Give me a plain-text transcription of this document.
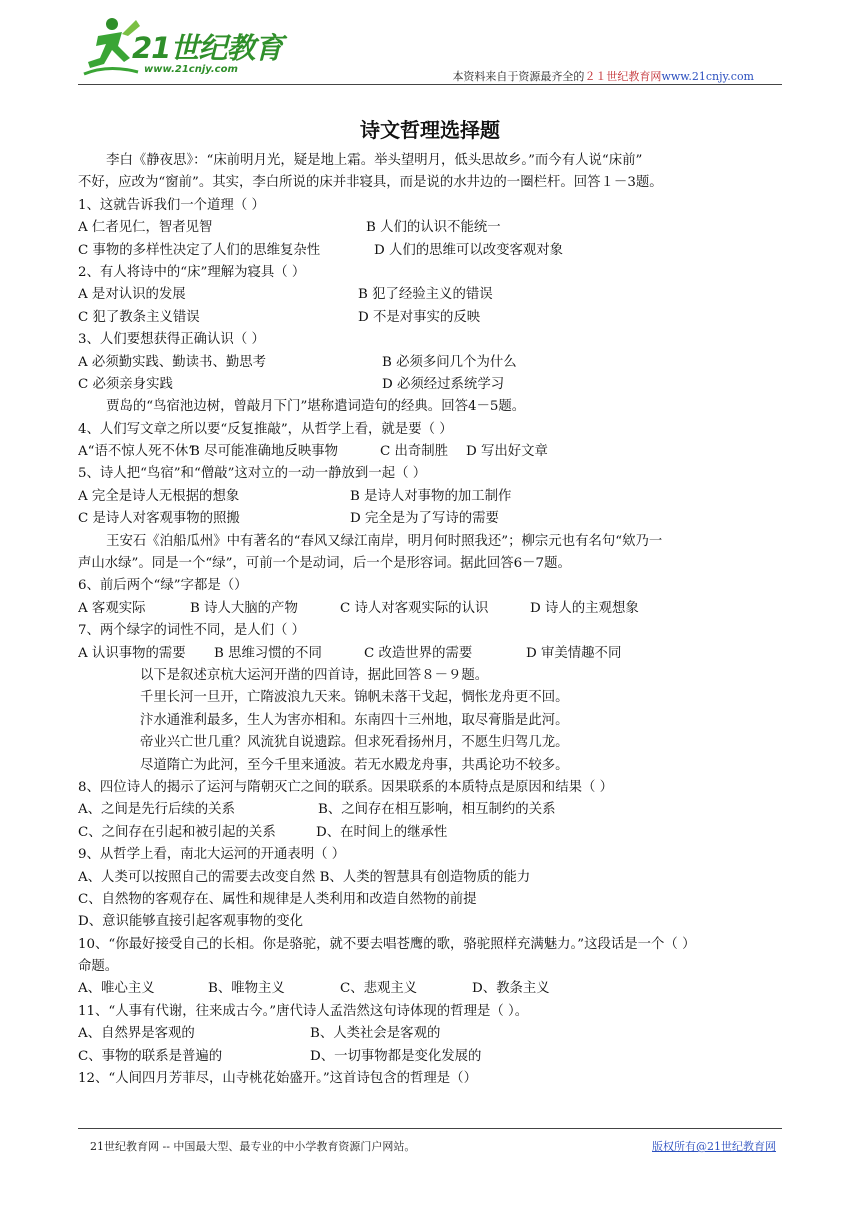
21世纪教育
www.21cnjy.com
本资料来自于资源最齐全的２１世纪教育网www.21cnjy.com
诗文哲理选择题
李白《静夜思》：“床前明月光，疑是地上霜。举头望明月，低头思故乡。”而今有人说“床前”
不好，应改为“窗前”。其实，李白所说的床并非寝具，而是说的水井边的一圈栏杆。回答１－3题。
1、这就告诉我们一个道理（ ）
A 仁者见仁，智者见智	B 人们的认识不能统一
C 事物的多样性决定了人们的思维复杂性	D 人们的思维可以改变客观对象
2、有人将诗中的“床”理解为寝具（ ）
A 是对认识的发展	B 犯了经验主义的错误
C 犯了教条主义错误	D 不是对事实的反映
3、人们要想获得正确认识（ ）
A 必须勤实践、勤读书、勤思考	B 必须多问几个为什么
C 必须亲身实践	D 必须经过系统学习
贾岛的“鸟宿池边树，曾敲月下门”堪称遣词造句的经典。回答4－5题。
4、人们写文章之所以要“反复推敲”，从哲学上看，就是要（ ）
A“语不惊人死不休”B 尽可能准确地反映事物	C 出奇制胜 D 写出好文章
5、诗人把“鸟宿”和“僧敲”这对立的一动一静放到一起（ ）
A 完全是诗人无根据的想象	B 是诗人对事物的加工制作
C 是诗人对客观事物的照搬	D 完全是为了写诗的需要
王安石《泊船瓜州》中有著名的“春风又绿江南岸，明月何时照我还”；柳宗元也有名句“欸乃一
声山水绿”。同是一个“绿”，可前一个是动词，后一个是形容词。据此回答6－7题。
6、前后两个“绿”字都是（）
A 客观实际	B 诗人大脑的产物	C 诗人对客观实际的认识	D 诗人的主观想象
7、两个绿字的词性不同，是人们（ ）
A 认识事物的需要 B 思维习惯的不同	C 改造世界的需要	D 审美情趣不同
以下是叙述京杭大运河开凿的四首诗，据此回答８－９题。
千里长河一旦开，亡隋波浪九天来。锦帆未落干戈起，惆怅龙舟更不回。
汴水通淮利最多，生人为害亦相和。东南四十三州地，取尽膏脂是此河。
帝业兴亡世几重？风流犹自说遗踪。但求死看扬州月，不愿生归驾几龙。
尽道隋亡为此河，至今千里来通波。若无水殿龙舟事，共禹论功不较多。
8、四位诗人的揭示了运河与隋朝灭亡之间的联系。因果联系的本质特点是原因和结果（ ）
A、之间是先行后续的关系	B、之间存在相互影响，相互制约的关系
C、之间存在引起和被引起的关系	D、在时间上的继承性
9、从哲学上看，南北大运河的开通表明（ ）
A、人类可以按照自己的需要去改变自然 B、人类的智慧具有创造物质的能力
C、自然物的客观存在、属性和规律是人类利用和改造自然物的前提
D、意识能够直接引起客观事物的变化
10、“你最好接受自己的长相。你是骆驼，就不要去唱苍鹰的歌，骆驼照样充满魅力。”这段话是一个（ ）
命题。
A、唯心主义	B、唯物主义	C、悲观主义	D、教条主义
11、“人事有代谢，往来成古今。”唐代诗人孟浩然这句诗体现的哲理是（ ）。
A、自然界是客观的	B、人类社会是客观的
C、事物的联系是普遍的	D、一切事物都是变化发展的
12、“人间四月芳菲尽，山寺桃花始盛开。”这首诗包含的哲理是（）
21世纪教育网 -- 中国最大型、最专业的中小学教育资源门户网站。	版权所有@21世纪教育网
